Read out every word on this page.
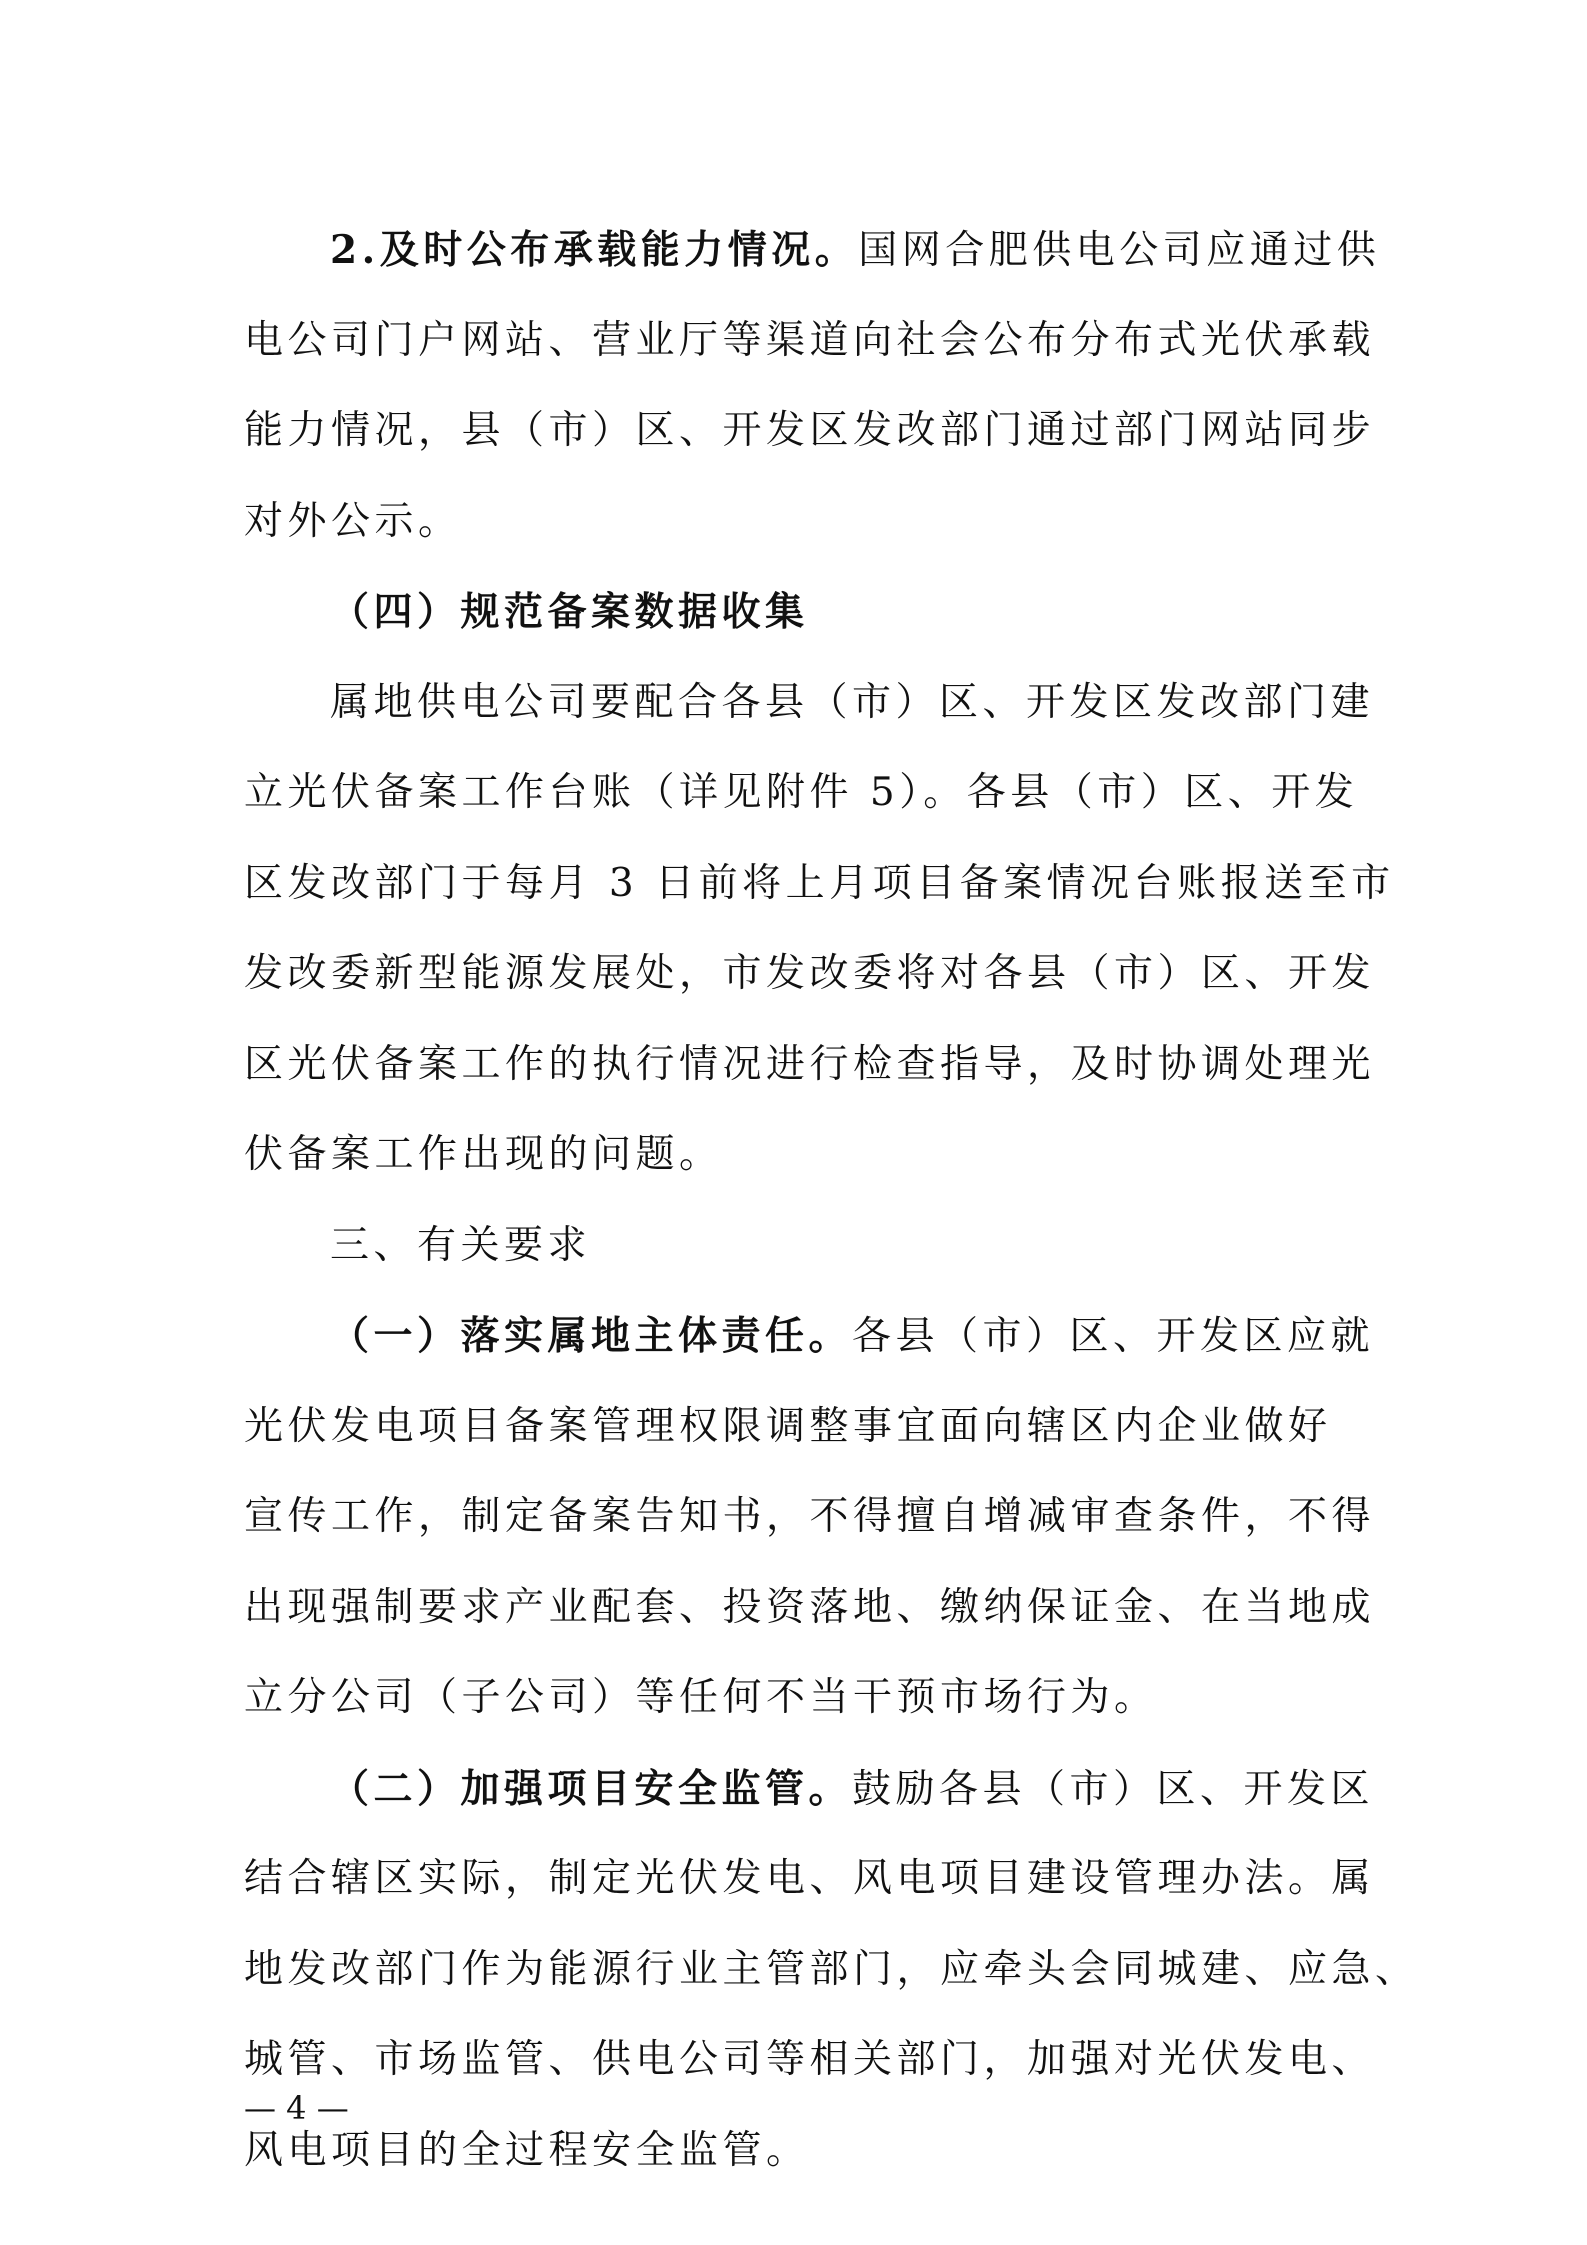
2.及时公布承载能力情况。国网合肥供电公司应通过供
电公司门户网站、营业厅等渠道向社会公布分布式光伏承载
能力情况，县（市）区、开发区发改部门通过部门网站同步
对外公示。
（四）规范备案数据收集
属地供电公司要配合各县（市）区、开发区发改部门建
立光伏备案工作台账（详见附件 5）。各县（市）区、开发
区发改部门于每月 3 日前将上月项目备案情况台账报送至市
发改委新型能源发展处，市发改委将对各县（市）区、开发
区光伏备案工作的执行情况进行检查指导，及时协调处理光
伏备案工作出现的问题。
三、有关要求
（一）落实属地主体责任。各县（市）区、开发区应就
光伏发电项目备案管理权限调整事宜面向辖区内企业做好
宣传工作，制定备案告知书，不得擅自增减审查条件，不得
出现强制要求产业配套、投资落地、缴纳保证金、在当地成
立分公司（子公司）等任何不当干预市场行为。
（二）加强项目安全监管。鼓励各县（市）区、开发区
结合辖区实际，制定光伏发电、风电项目建设管理办法。属
地发改部门作为能源行业主管部门，应牵头会同城建、应急、
城管、市场监管、供电公司等相关部门，加强对光伏发电、
风电项目的全过程安全监管。
— 4 —
